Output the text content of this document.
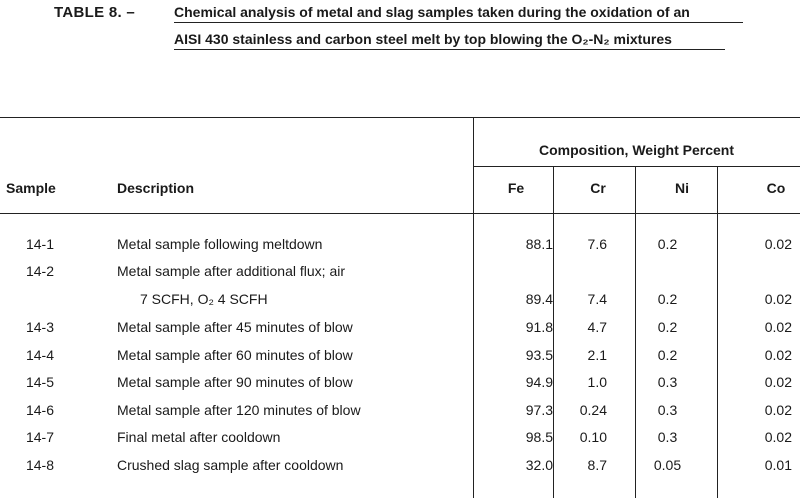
TABLE 8. –	Chemical analysis of metal and slag samples taken during the oxidation of an
AISI 430 stainless and carbon steel melt by top blowing the O₂-N₂ mixtures
Composition, Weight Percent
Sample	Description	Fe	Cr	Ni	Co
14-1	Metal sample following meltdown	88.1	7.6	0.2	0.02
14-2	Metal sample after additional flux; air
7 SCFH, O₂ 4 SCFH	89.4	7.4	0.2	0.02
14-3	Metal sample after 45 minutes of blow	91.8	4.7	0.2	0.02
14-4	Metal sample after 60 minutes of blow	93.5	2.1	0.2	0.02
14-5	Metal sample after 90 minutes of blow	94.9	1.0	0.3	0.02
14-6	Metal sample after 120 minutes of blow	97.3	0.24	0.3	0.02
14-7	Final metal after cooldown	98.5	0.10	0.3	0.02
14-8	Crushed slag sample after cooldown	32.0	8.7	0.05	0.01
